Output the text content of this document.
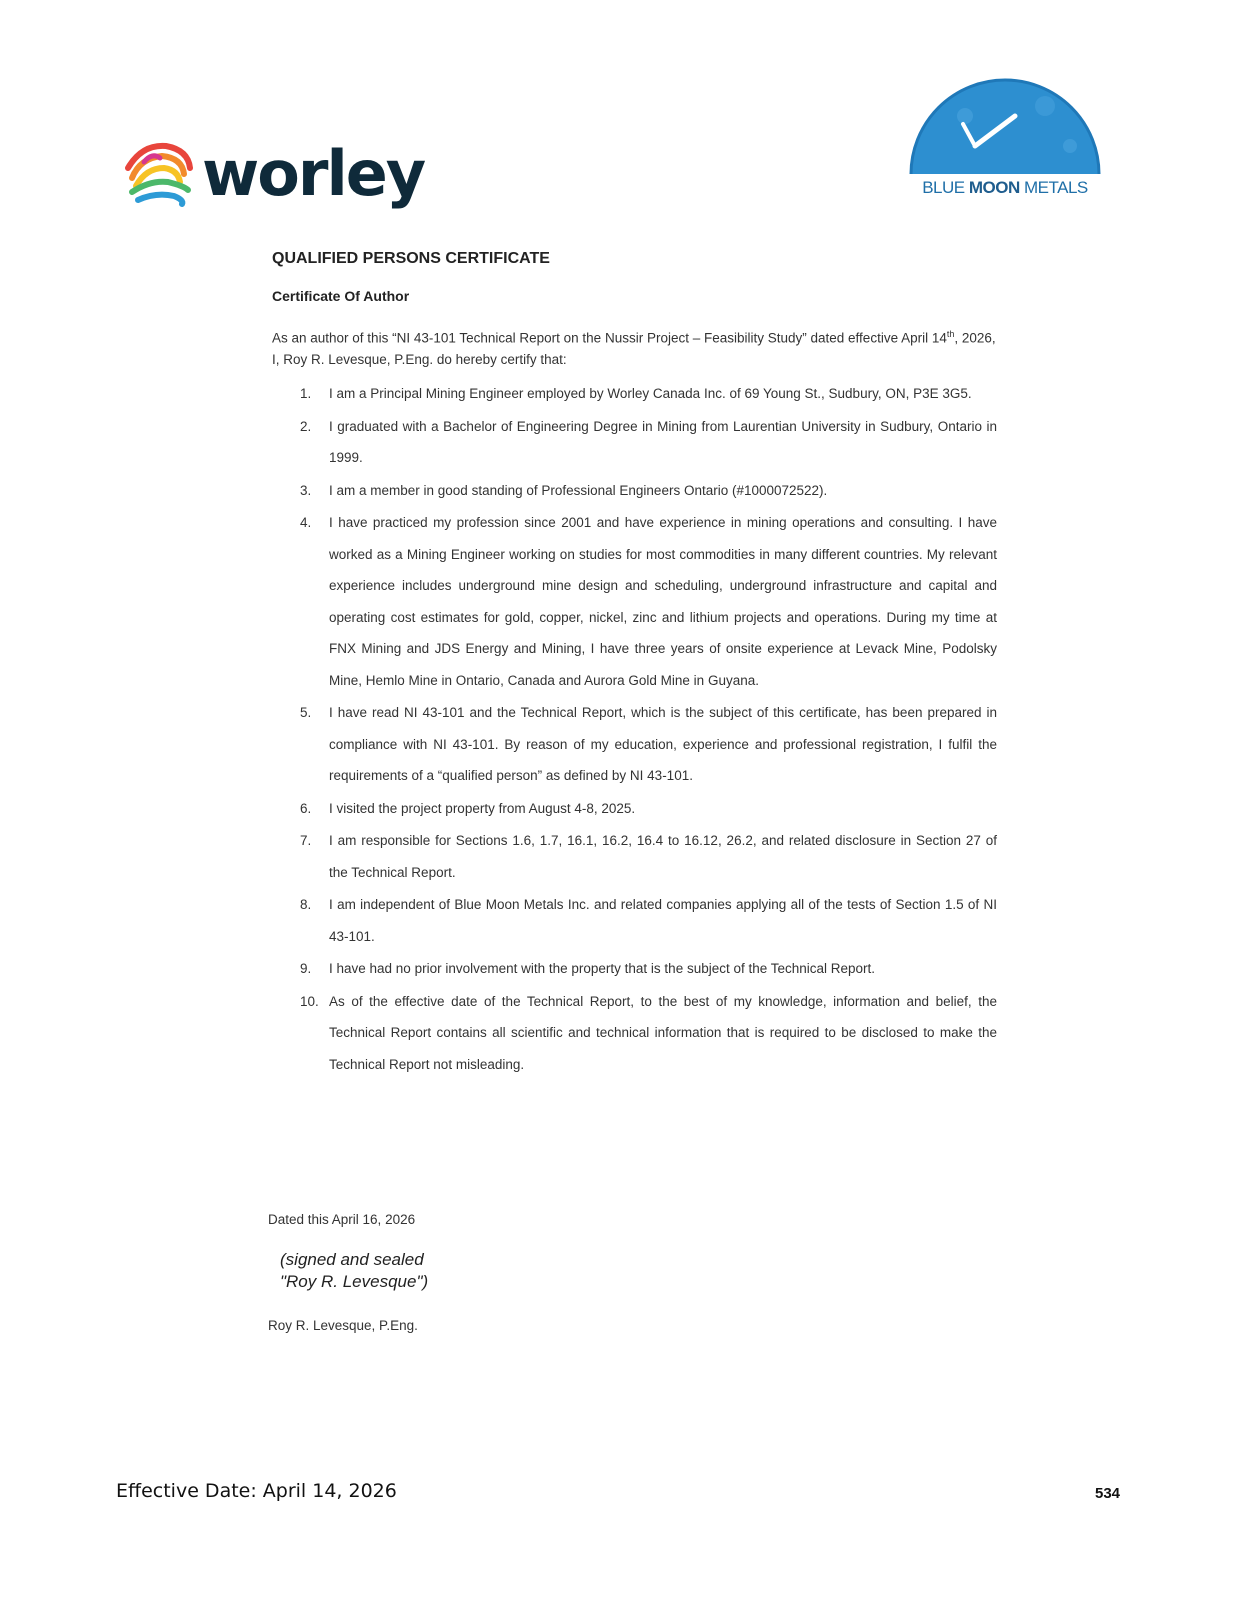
worley	BLUE MOON METALS
QUALIFIED PERSONS CERTIFICATE
Certificate Of Author
As an author of this “NI 43-101 Technical Report on the Nussir Project – Feasibility Study” dated effective April 14th, 2026, I, Roy R. Levesque, P.Eng. do hereby certify that:
1. I am a Principal Mining Engineer employed by Worley Canada Inc. of 69 Young St., Sudbury, ON, P3E 3G5.
2. I graduated with a Bachelor of Engineering Degree in Mining from Laurentian University in Sudbury, Ontario in 1999.
3. I am a member in good standing of Professional Engineers Ontario (#1000072522).
4. I have practiced my profession since 2001 and have experience in mining operations and consulting. I have worked as a Mining Engineer working on studies for most commodities in many different countries. My relevant experience includes underground mine design and scheduling, underground infrastructure and capital and operating cost estimates for gold, copper, nickel, zinc and lithium projects and operations. During my time at FNX Mining and JDS Energy and Mining, I have three years of onsite experience at Levack Mine, Podolsky Mine, Hemlo Mine in Ontario, Canada and Aurora Gold Mine in Guyana.
5. I have read NI 43-101 and the Technical Report, which is the subject of this certificate, has been prepared in compliance with NI 43-101. By reason of my education, experience and professional registration, I fulfil the requirements of a “qualified person” as defined by NI 43-101.
6. I visited the project property from August 4-8, 2025.
7. I am responsible for Sections 1.6, 1.7, 16.1, 16.2, 16.4 to 16.12, 26.2, and related disclosure in Section 27 of the Technical Report.
8. I am independent of Blue Moon Metals Inc. and related companies applying all of the tests of Section 1.5 of NI 43-101.
9. I have had no prior involvement with the property that is the subject of the Technical Report.
10. As of the effective date of the Technical Report, to the best of my knowledge, information and belief, the Technical Report contains all scientific and technical information that is required to be disclosed to make the Technical Report not misleading.
Dated this April 16, 2026
(signed and sealed
"Roy R. Levesque")
Roy R. Levesque, P.Eng.
Effective Date: April 14, 2026	534
